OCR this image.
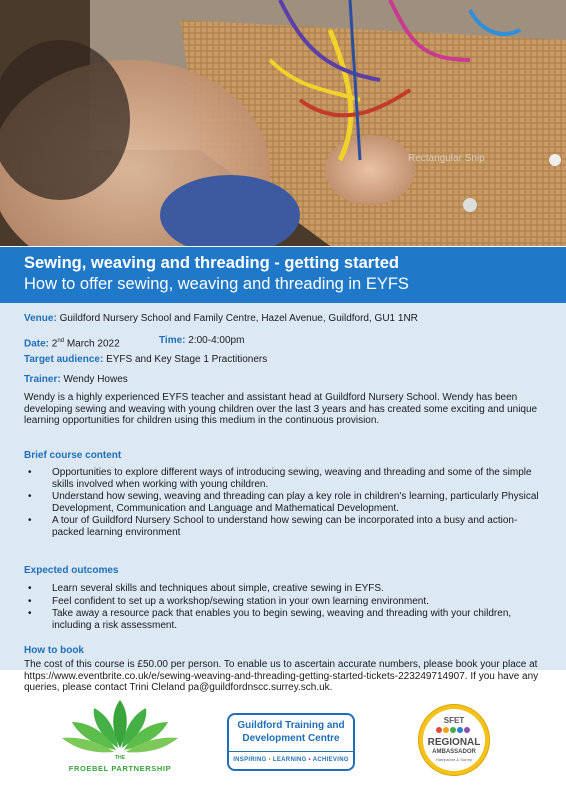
Rectangular Snip
Sewing, weaving and threading - getting started
How to offer sewing, weaving and threading in EYFS
Venue: Guildford Nursery School and Family Centre, Hazel Avenue, Guildford, GU1 1NR
Date: 2nd March 2022	Time: 2:00-4:00pm
Target audience: EYFS and Key Stage 1 Practitioners
Trainer: Wendy Howes
Wendy is a highly experienced EYFS teacher and assistant head at Guildford Nursery School. Wendy has been developing sewing and weaving with young children over the last 3 years and has created some exciting and unique learning opportunities for children using this medium in the continuous provision.
Brief course content
• Opportunities to explore different ways of introducing sewing, weaving and threading and some of the simple skills involved when working with young children.
• Understand how sewing, weaving and threading can play a key role in children's learning, particularly Physical Development, Communication and Language and Mathematical Development.
• A tour of Guildford Nursery School to understand how sewing can be incorporated into a busy and action-packed learning environment
Expected outcomes
• Learn several skills and techniques about simple, creative sewing in EYFS.
• Feel confident to set up a workshop/sewing station in your own learning environment.
• Take away a resource pack that enables you to begin sewing, weaving and threading with your children, including a risk assessment.
How to book
The cost of this course is £50.00 per person. To enable us to ascertain accurate numbers, please book your place at https://www.eventbrite.co.uk/e/sewing-weaving-and-threading-getting-started-tickets-223249714907. If you have any queries, please contact Trini Cleland pa@guildfordnscc.surrey.sch.uk.
THE
FROEBEL PARTNERSHIP
Guildford Training and
Development Centre
INSPIRING • LEARNING • ACHIEVING
SFET
REGIONAL
AMBASSADOR
Hampshire & Surrey
